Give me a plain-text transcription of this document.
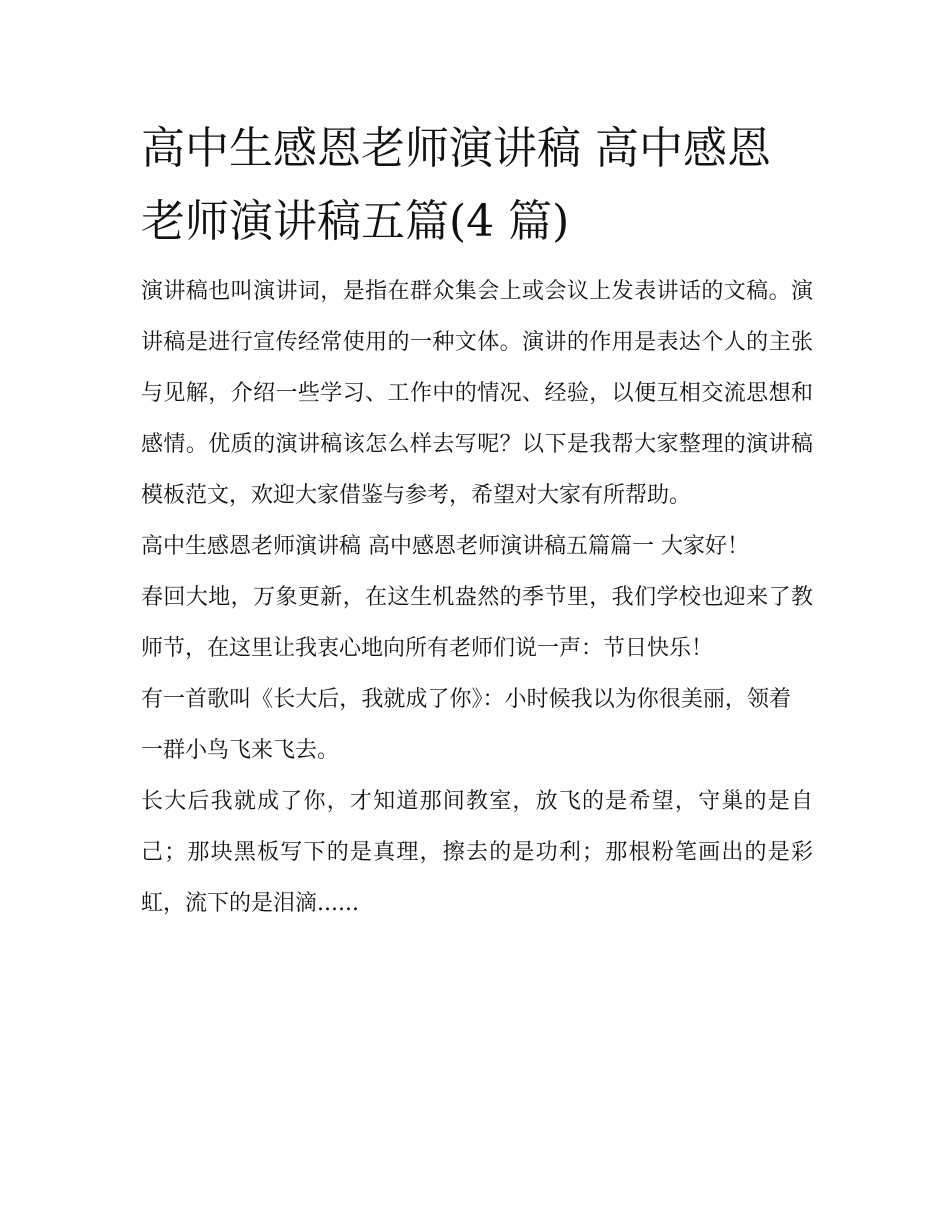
高中生感恩老师演讲稿 高中感恩老师演讲稿五篇(4 篇)

演讲稿也叫演讲词，是指在群众集会上或会议上发表讲话的文稿。演讲稿是进行宣传经常使用的一种文体。演讲的作用是表达个人的主张与见解，介绍一些学习、工作中的情况、经验，以便互相交流思想和感情。优质的演讲稿该怎么样去写呢？以下是我帮大家整理的演讲稿模板范文，欢迎大家借鉴与参考，希望对大家有所帮助。

高中生感恩老师演讲稿 高中感恩老师演讲稿五篇篇一 大家好！

春回大地，万象更新，在这生机盎然的季节里，我们学校也迎来了教师节，在这里让我衷心地向所有老师们说一声：节日快乐！

有一首歌叫《长大后，我就成了你》：小时候我以为你很美丽，领着一群小鸟飞来飞去。

长大后我就成了你，才知道那间教室，放飞的是希望，守巢的是自己；那块黑板写下的是真理，擦去的是功利；那根粉笔画出的是彩虹，流下的是泪滴......
